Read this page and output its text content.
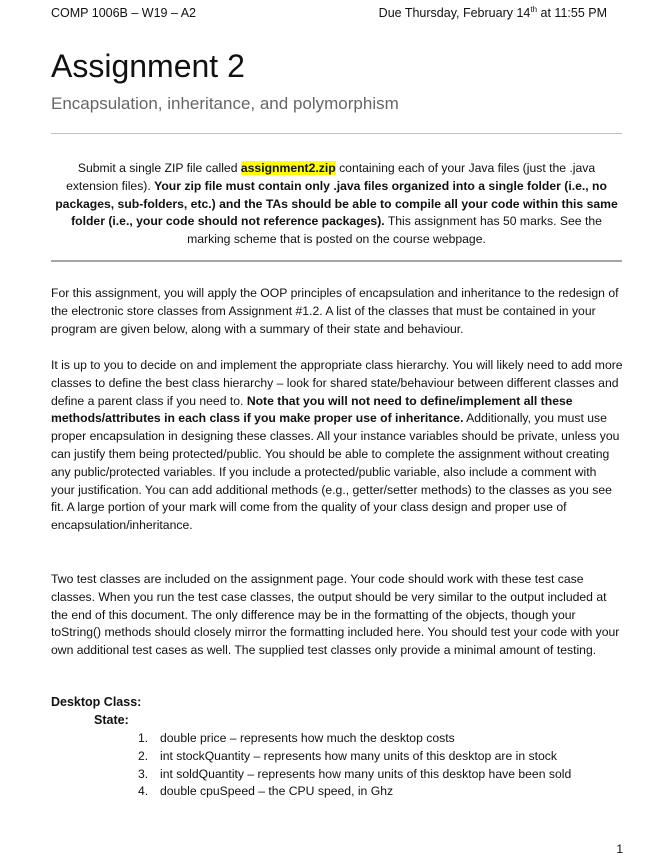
COMP 1006B – W19 – A2	Due Thursday, February 14th at 11:55 PM
Assignment 2
Encapsulation, inheritance, and polymorphism
Submit a single ZIP file called assignment2.zip containing each of your Java files (just the .java extension files). Your zip file must contain only .java files organized into a single folder (i.e., no packages, sub-folders, etc.) and the TAs should be able to compile all your code within this same folder (i.e., your code should not reference packages). This assignment has 50 marks. See the marking scheme that is posted on the course webpage.

For this assignment, you will apply the OOP principles of encapsulation and inheritance to the redesign of the electronic store classes from Assignment #1.2. A list of the classes that must be contained in your program are given below, along with a summary of their state and behaviour.

It is up to you to decide on and implement the appropriate class hierarchy. You will likely need to add more classes to define the best class hierarchy – look for shared state/behaviour between different classes and define a parent class if you need to. Note that you will not need to define/implement all these methods/attributes in each class if you make proper use of inheritance. Additionally, you must use proper encapsulation in designing these classes. All your instance variables should be private, unless you can justify them being protected/public. You should be able to complete the assignment without creating any public/protected variables. If you include a protected/public variable, also include a comment with your justification. You can add additional methods (e.g., getter/setter methods) to the classes as you see fit. A large portion of your mark will come from the quality of your class design and proper use of encapsulation/inheritance.

Two test classes are included on the assignment page. Your code should work with these test case classes. When you run the test case classes, the output should be very similar to the output included at the end of this document. The only difference may be in the formatting of the objects, though your toString() methods should closely mirror the formatting included here. You should test your code with your own additional test cases as well. The supplied test classes only provide a minimal amount of testing.

Desktop Class:

State:

1. double price – represents how much the desktop costs
2. int stockQuantity – represents how many units of this desktop are in stock
3. int soldQuantity – represents how many units of this desktop have been sold
4. double cpuSpeed – the CPU speed, in Ghz
1
